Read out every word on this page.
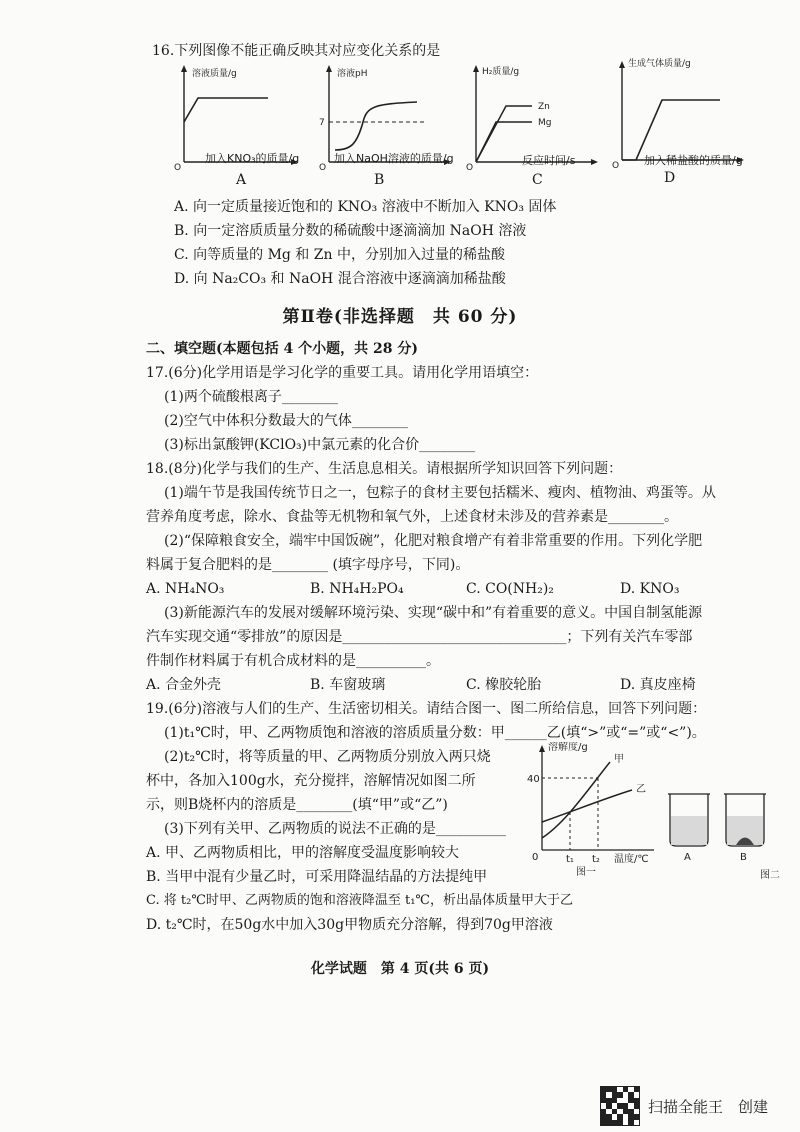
16.下列图像不能正确反映其对应变化关系的是
溶液质量/g
O
加入KNO₃的质量/g
A
溶液pH
7
O
加入NaOH溶液的质量/g
B
H₂质量/g
Zn
Mg
O
反应时间/s
C
生成气体质量/g
O 加入稀盐酸的质量/g
D
A. 向一定质量接近饱和的 KNO₃ 溶液中不断加入 KNO₃ 固体
B. 向一定溶质质量分数的稀硫酸中逐滴滴加 NaOH 溶液
C. 向等质量的 Mg 和 Zn 中，分别加入过量的稀盐酸
D. 向 Na₂CO₃ 和 NaOH 混合溶液中逐滴滴加稀盐酸
第Ⅱ卷(非选择题　共 60 分)
二、填空题(本题包括 4 个小题，共 28 分)
17.(6分)化学用语是学习化学的重要工具。请用化学用语填空：
(1)两个硫酸根离子________
(2)空气中体积分数最大的气体________
(3)标出氯酸钾(KClO₃)中氯元素的化合价________
18.(8分)化学与我们的生产、生活息息相关。请根据所学知识回答下列问题：
(1)端午节是我国传统节日之一，包粽子的食材主要包括糯米、瘦肉、植物油、鸡蛋等。从
营养角度考虑，除水、食盐等无机物和氧气外，上述食材未涉及的营养素是________。
(2)“保障粮食安全，端牢中国饭碗”，化肥对粮食增产有着非常重要的作用。下列化学肥
料属于复合肥料的是________ (填字母序号，下同)。
A. NH₄NO₃	B. NH₄H₂PO₄	C. CO(NH₂)₂	D. KNO₃
(3)新能源汽车的发展对缓解环境污染、实现“碳中和”有着重要的意义。中国自制氢能源
汽车实现交通“零排放”的原因是________________________________；下列有关汽车零部
件制作材料属于有机合成材料的是__________。
A. 合金外壳	B. 车窗玻璃	C. 橡胶轮胎	D. 真皮座椅
19.(6分)溶液与人们的生产、生活密切相关。请结合图一、图二所给信息，回答下列问题：
(1)t₁℃时，甲、乙两物质饱和溶液的溶质质量分数：甲______乙(填“>”或“=”或“<”)。
(2)t₂℃时，将等质量的甲、乙两物质分别放入两只烧
杯中，各加入100g水，充分搅拌，溶解情况如图二所
示，则B烧杯内的溶质是________(填“甲”或“乙”)
(3)下列有关甲、乙两物质的说法不正确的是__________
A. 甲、乙两物质相比，甲的溶解度受温度影响较大
B. 当甲中混有少量乙时，可采用降温结晶的方法提纯甲
C. 将 t₂℃时甲、乙两物质的饱和溶液降温至 t₁℃，析出晶体质量甲大于乙
D. t₂℃时，在50g水中加入30g甲物质充分溶解，得到70g甲溶液
溶解度/g
40
甲
乙
0	t₁ t₂ 温度/℃
图一
A	B
图二
化学试题　第 4 页(共 6 页)
扫描全能王　创建
